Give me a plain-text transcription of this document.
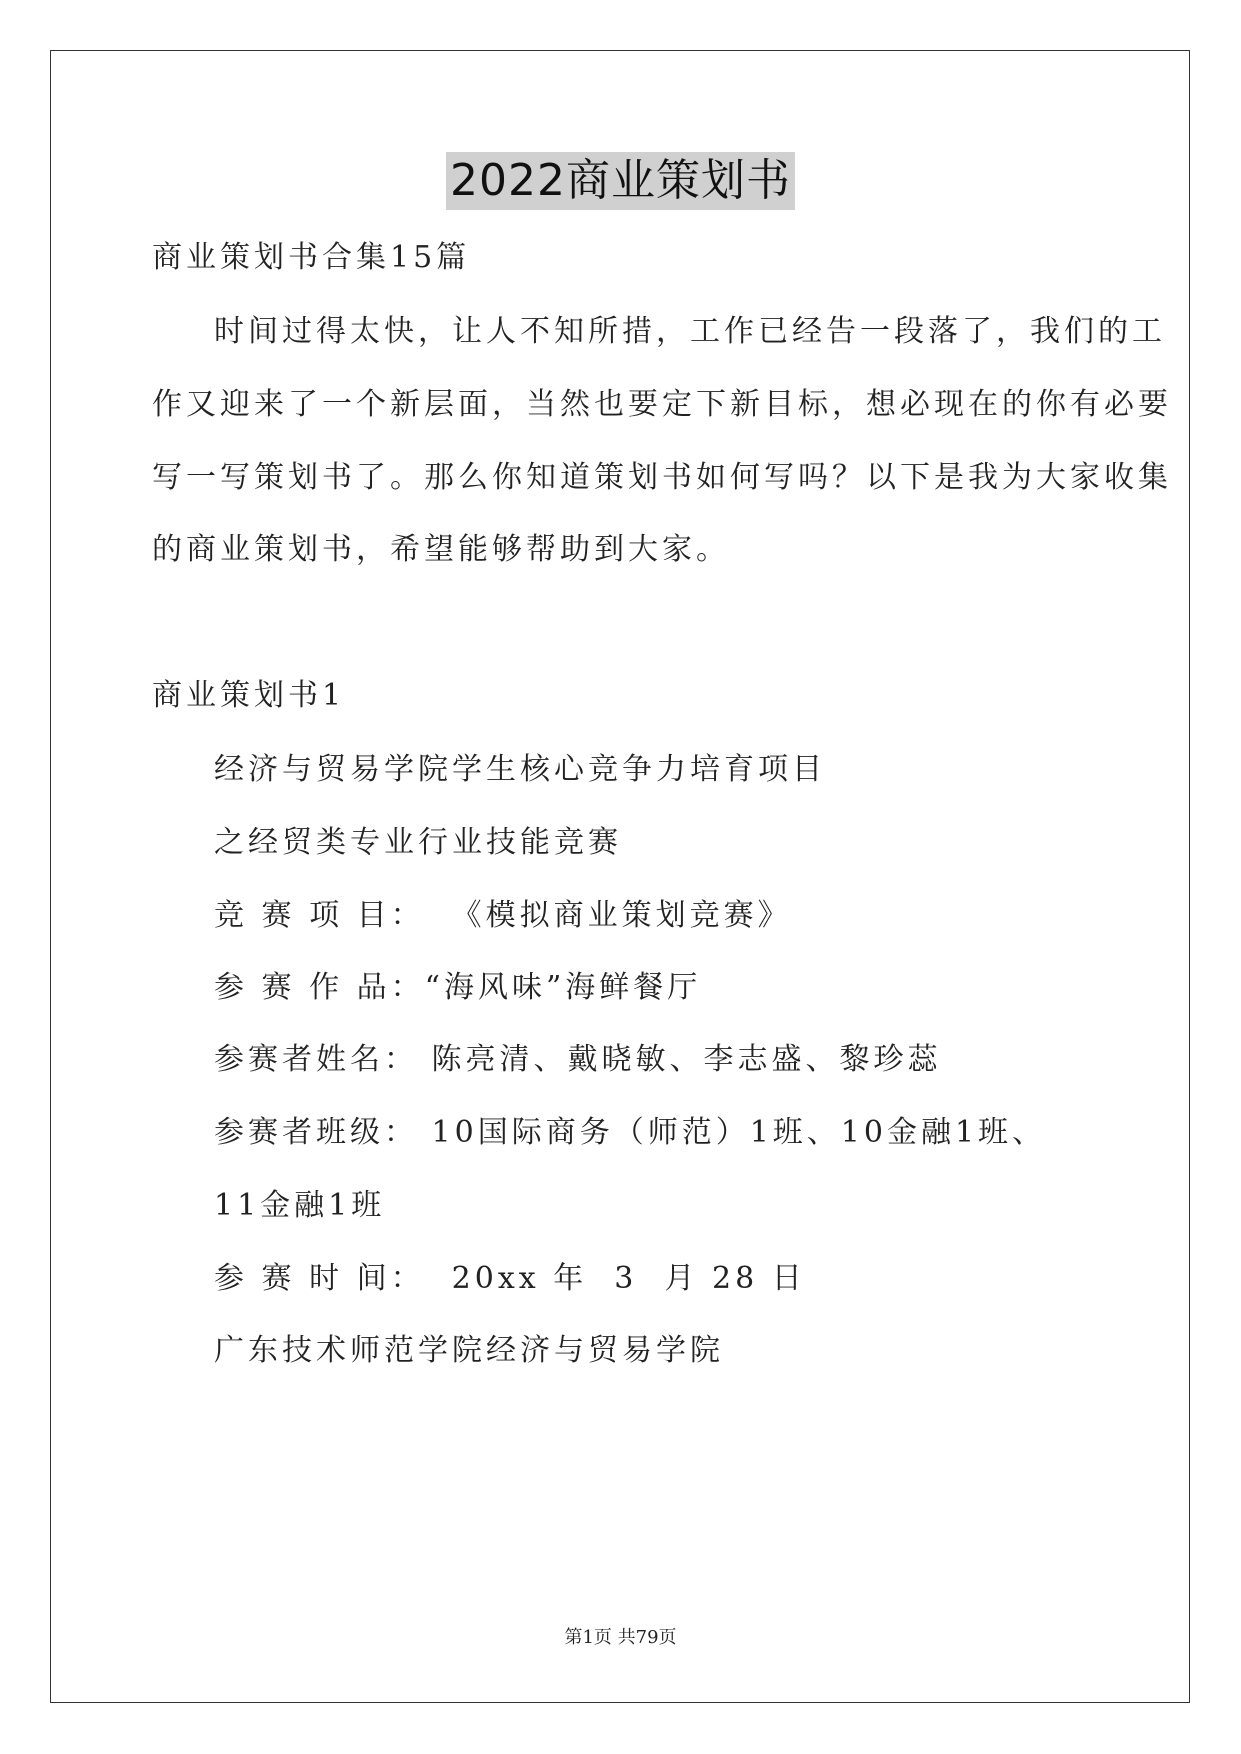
2022商业策划书
商业策划书合集15篇
时间过得太快，让人不知所措，工作已经告一段落了，我们的工
作又迎来了一个新层面，当然也要定下新目标，想必现在的你有必要
写一写策划书了。那么你知道策划书如何写吗？以下是我为大家收集
的商业策划书，希望能够帮助到大家。
商业策划书1
经济与贸易学院学生核心竞争力培育项目
之经贸类专业行业技能竞赛
竞 赛 项 目：  《模拟商业策划竞赛》
参 赛 作 品：“海风味”海鲜餐厅
参赛者姓名： 陈亮清、戴晓敏、李志盛、黎珍蕊
参赛者班级： 10国际商务（师范）1班、10金融1班、
11金融1班
参 赛 时 间：  20xx 年  3  月 28 日
广东技术师范学院经济与贸易学院
第1页 共79页
